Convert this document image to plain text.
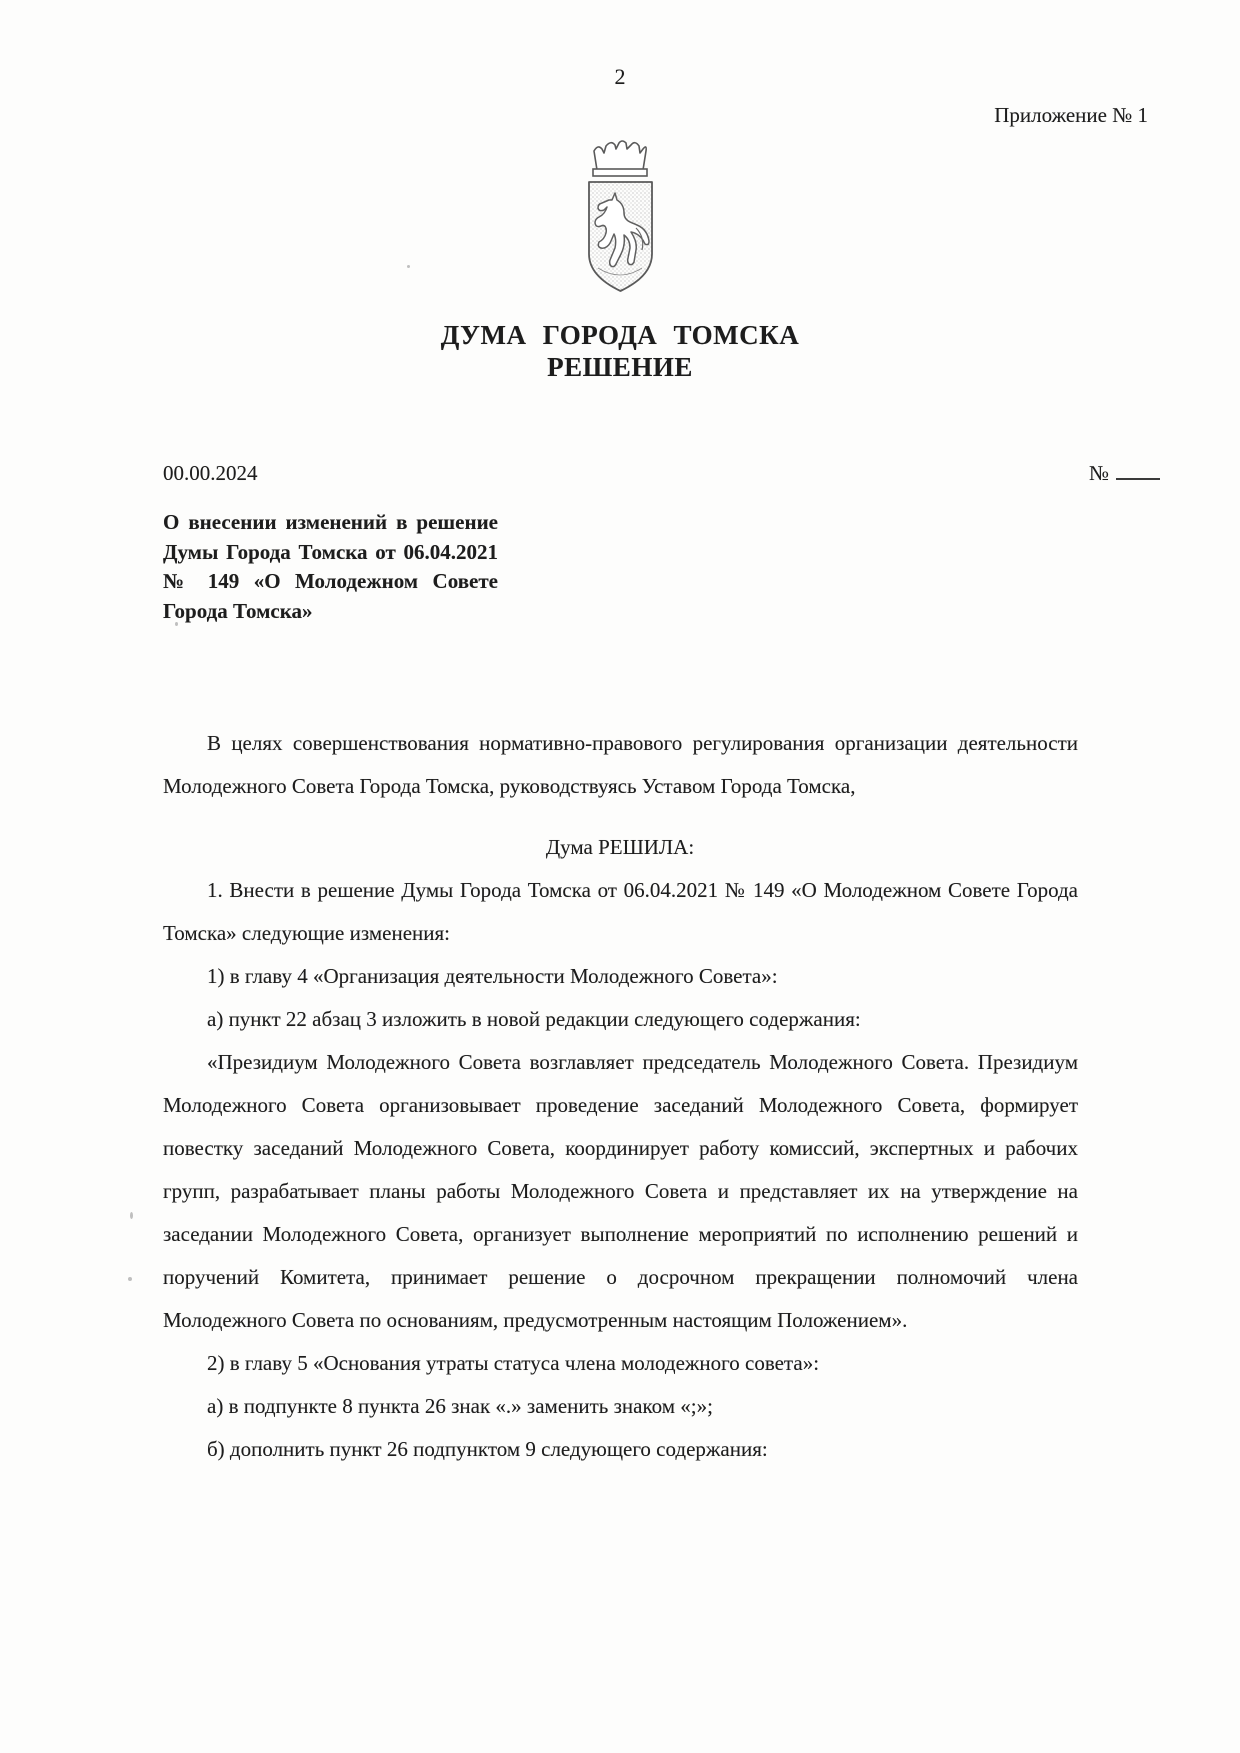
2
Приложение № 1
ДУМА ГОРОДА ТОМСКА
РЕШЕНИЕ
00.00.2024	№
О внесении изменений в решение Думы Города Томска от 06.04.2021 № 149 «О Молодежном Совете Города Томска»

В целях совершенствования нормативно-правового регулирования организации деятельности Молодежного Совета Города Томска, руководствуясь Уставом Города Томска,

Дума РЕШИЛА:

1. Внести в решение Думы Города Томска от 06.04.2021 № 149 «О Молодежном Совете Города Томска» следующие изменения:

1) в главу 4 «Организация деятельности Молодежного Совета»:

а) пункт 22 абзац 3 изложить в новой редакции следующего содержания:

«Президиум Молодежного Совета возглавляет председатель Молодежного Совета. Президиум Молодежного Совета организовывает проведение заседаний Молодежного Совета, формирует повестку заседаний Молодежного Совета, координирует работу комиссий, экспертных и рабочих групп, разрабатывает планы работы Молодежного Совета и представляет их на утверждение на заседании Молодежного Совета, организует выполнение мероприятий по исполнению решений и поручений Комитета, принимает решение о досрочном прекращении полномочий члена Молодежного Совета по основаниям, предусмотренным настоящим Положением».

2) в главу 5 «Основания утраты статуса члена молодежного совета»:

а) в подпункте 8 пункта 26 знак «.» заменить знаком «;»;

б) дополнить пункт 26 подпунктом 9 следующего содержания:
